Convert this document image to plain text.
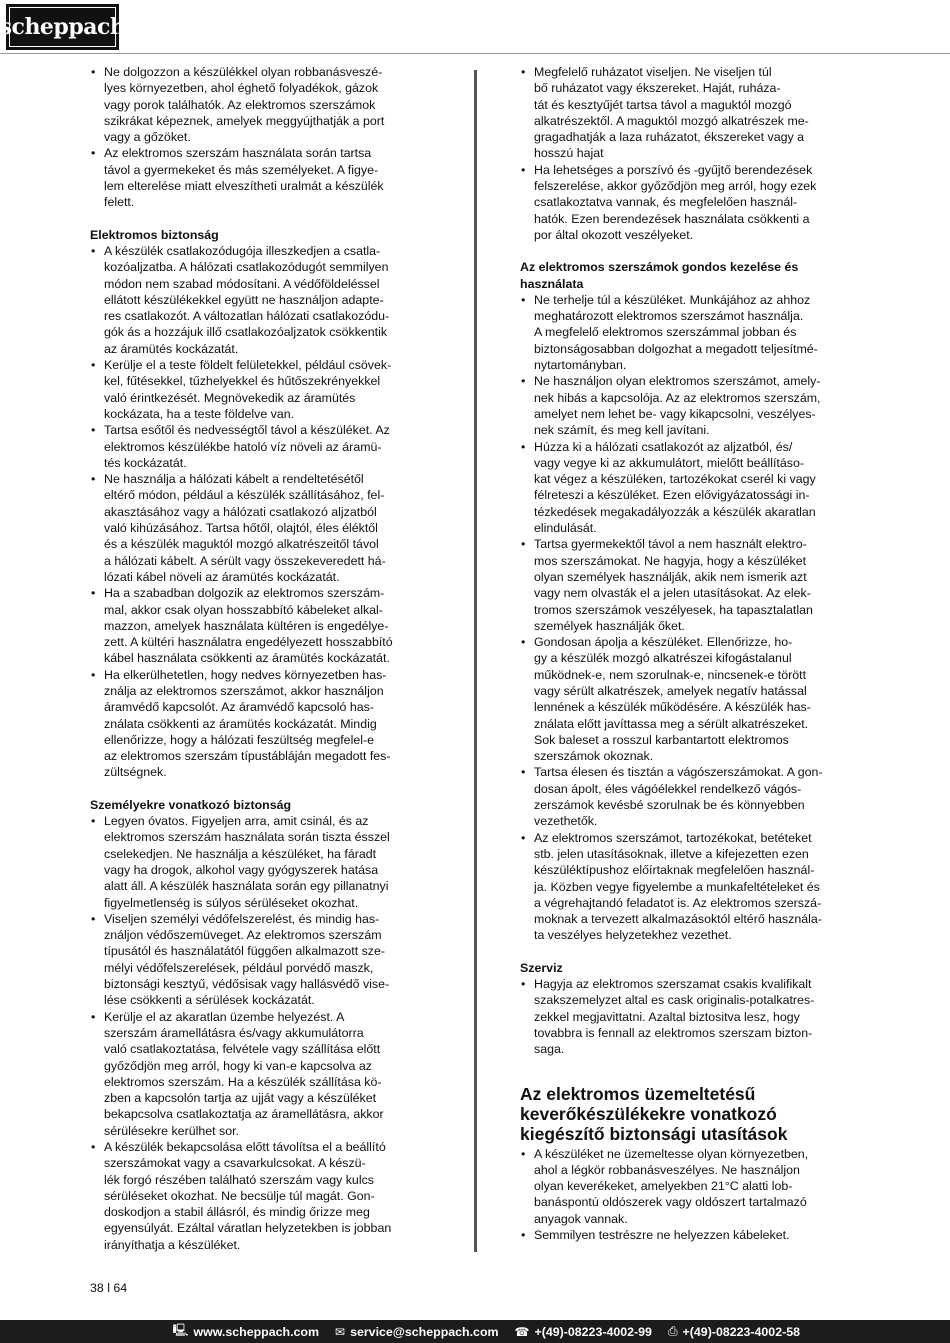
scheppach
• Ne dolgozzon a készülékkel olyan robbanásveszé-
lyes környezetben, ahol éghető folyadékok, gázok
vagy porok találhatók. Az elektromos szerszámok
szikrákat képeznek, amelyek meggyújthatják a port
vagy a gőzöket.
• Az elektromos szerszám használata során tartsa
távol a gyermekeket és más személyeket. A figye-
lem elterelése miatt elveszítheti uralmát a készülék
felett.
Elektromos biztonság
• A készülék csatlakozódugója illeszkedjen a csatla-
kozóaljzatba. A hálózati csatlakozódugót semmilyen
módon nem szabad módosítani. A védőföldeléssel
ellátott készülékekkel együtt ne használjon adapte-
res csatlakozót. A változatlan hálózati csatlakozódu-
gók ás a hozzájuk illő csatlakozóaljzatok csökkentik
az áramütés kockázatát.
• Kerülje el a teste földelt felületekkel, például csövek-
kel, fűtésekkel, tűzhelyekkel és hűtőszekrényekkel
való érintkezését. Megnövekedik az áramütés
kockázata, ha a teste földelve van.
• Tartsa esőtől és nedvességtől távol a készüléket. Az
elektromos készülékbe hatoló víz növeli az áramü-
tés kockázatát.
• Ne használja a hálózati kábelt a rendeltetésétől
eltérő módon, például a készülék szállításához, fel-
akasztásához vagy a hálózati csatlakozó aljzatból
való kihúzásához. Tartsa hőtől, olajtól, éles éléktől
és a készülék maguktól mozgó alkatrészeitől távol
a hálózati kábelt. A sérült vagy összekeveredett há-
lózati kábel növeli az áramütés kockázatát.
• Ha a szabadban dolgozik az elektromos szerszám-
mal, akkor csak olyan hosszabbító kábeleket alkal-
mazzon, amelyek használata kültéren is engedélye-
zett. A kültéri használatra engedélyezett hosszabbító
kábel használata csökkenti az áramütés kockázatát.
• Ha elkerülhetetlen, hogy nedves környezetben has-
ználja az elektromos szerszámot, akkor használjon
áramvédő kapcsolót. Az áramvédő kapcsoló has-
ználata csökkenti az áramütés kockázatát. Mindig
ellenőrizze, hogy a hálózati feszültség megfelel-e
az elektromos szerszám típustábláján megadott fes-
zültségnek.
Személyekre vonatkozó biztonság
• Legyen óvatos. Figyeljen arra, amit csinál, és az
elektromos szerszám használata során tiszta ésszel
cselekedjen. Ne használja a készüléket, ha fáradt
vagy ha drogok, alkohol vagy gyógyszerek hatása
alatt áll. A készülék használata során egy pillanatnyi
figyelmetlenség is súlyos sérüléseket okozhat.
• Viseljen személyi védőfelszerelést, és mindig has-
ználjon védőszemüveget. Az elektromos szerszám
típusától és használatától függően alkalmazott sze-
mélyi védőfelszerelések, például porvédő maszk,
biztonsági kesztyű, védősisak vagy hallásvédő vise-
lése csökkenti a sérülések kockázatát.
• Kerülje el az akaratlan üzembe helyezést. A
szerszám áramellátásra és/vagy akkumulátorra
való csatlakoztatása, felvétele vagy szállítása előtt
győződjön meg arról, hogy ki van-e kapcsolva az
elektromos szerszám. Ha a készülék szállítása kö-
zben a kapcsolón tartja az ujját vagy a készüléket
bekapcsolva csatlakoztatja az áramellátásra, akkor
sérülésekre kerülhet sor.
• A készülék bekapcsolása előtt távolítsa el a beállító
szerszámokat vagy a csavarkulcsokat. A készü-
lék forgó részében található szerszám vagy kulcs
sérüléseket okozhat. Ne becsülje túl magát. Gon-
doskodjon a stabil állásról, és mindig őrizze meg
egyensúlyát. Ezáltal váratlan helyzetekben is jobban
irányíthatja a készüléket.
• Megfelelő ruházatot viseljen. Ne viseljen túl
bő ruházatot vagy ékszereket. Haját, ruháza-
tát és kesztyűjét tartsa távol a maguktól mozgó
alkatrészektől. A maguktól mozgó alkatrészek me-
gragadhatják a laza ruházatot, ékszereket vagy a
hosszú hajat
• Ha lehetséges a porszívó és -gyűjtő berendezések
felszerelése, akkor győződjön meg arról, hogy ezek
csatlakoztatva vannak, és megfelelően használ-
hatók. Ezen berendezések használata csökkenti a
por által okozott veszélyeket.
Az elektromos szerszámok gondos kezelése és
használata
• Ne terhelje túl a készüléket. Munkájához az ahhoz
meghatározott elektromos szerszámot használja.
A megfelelő elektromos szerszámmal jobban és
biztonságosabban dolgozhat a megadott teljesítmé-
nytartományban.
• Ne használjon olyan elektromos szerszámot, amely-
nek hibás a kapcsolója. Az az elektromos szerszám,
amelyet nem lehet be- vagy kikapcsolni, veszélyes-
nek számít, és meg kell javítani.
• Húzza ki a hálózati csatlakozót az aljzatból, és/
vagy vegye ki az akkumulátort, mielőtt beállításo-
kat végez a készüléken, tartozékokat cserél ki vagy
félreteszi a készüléket. Ezen elővigyázatossági in-
tézkedések megakadályozzák a készülék akaratlan
elindulását.
• Tartsa gyermekektől távol a nem használt elektro-
mos szerszámokat. Ne hagyja, hogy a készüléket
olyan személyek használják, akik nem ismerik azt
vagy nem olvasták el a jelen utasításokat. Az elek-
tromos szerszámok veszélyesek, ha tapasztalatlan
személyek használják őket.
• Gondosan ápolja a készüléket. Ellenőrizze, ho-
gy a készülék mozgó alkatrészei kifogástalanul
működnek-e, nem szorulnak-e, nincsenek-e törött
vagy sérült alkatrészek, amelyek negatív hatással
lennének a készülék működésére. A készülék has-
ználata előtt javíttassa meg a sérült alkatrészeket.
Sok baleset a rosszul karbantartott elektromos
szerszámok okoznak.
• Tartsa élesen és tisztán a vágószerszámokat. A gon-
dosan ápolt, éles vágóélekkel rendelkező vágós-
zerszámok kevésbé szorulnak be és könnyebben
vezethetők.
• Az elektromos szerszámot, tartozékokat, betéteket
stb. jelen utasításoknak, illetve a kifejezetten ezen
készüléktípushoz előírtaknak megfelelően használ-
ja. Közben vegye figyelembe a munkafeltételeket és
a végrehajtandó feladatot is. Az elektromos szerszá-
moknak a tervezett alkalmazásoktól eltérő használa-
ta veszélyes helyzetekhez vezethet.
Szerviz
• Hagyja az elektromos szerszamat csakis kvalifikalt
szakszemelyzet altal es cask originalis-potalkatres-
zekkel megjavittatni. Azaltal biztositva lesz, hogy
tovabbra is fennall az elektromos szerszam bizton-
saga.
Az elektromos üzemeltetésű
keverőkészülékekre vonatkozó
kiegészítő biztonsági utasítások
• A készüléket ne üzemeltesse olyan környezetben,
ahol a légkör robbanásveszélyes. Ne használjon
olyan keverékeket, amelyekben 21°C alatti lob-
banáspontú oldószerek vagy oldószert tartalmazó
anyagok vannak.
• Semmilyen testrészre ne helyezzen kábeleket.
38 l 64
🖳 www.scheppach.com ✉ service@scheppach.com ☎ +(49)-08223-4002-99 ⎙ +(49)-08223-4002-58
